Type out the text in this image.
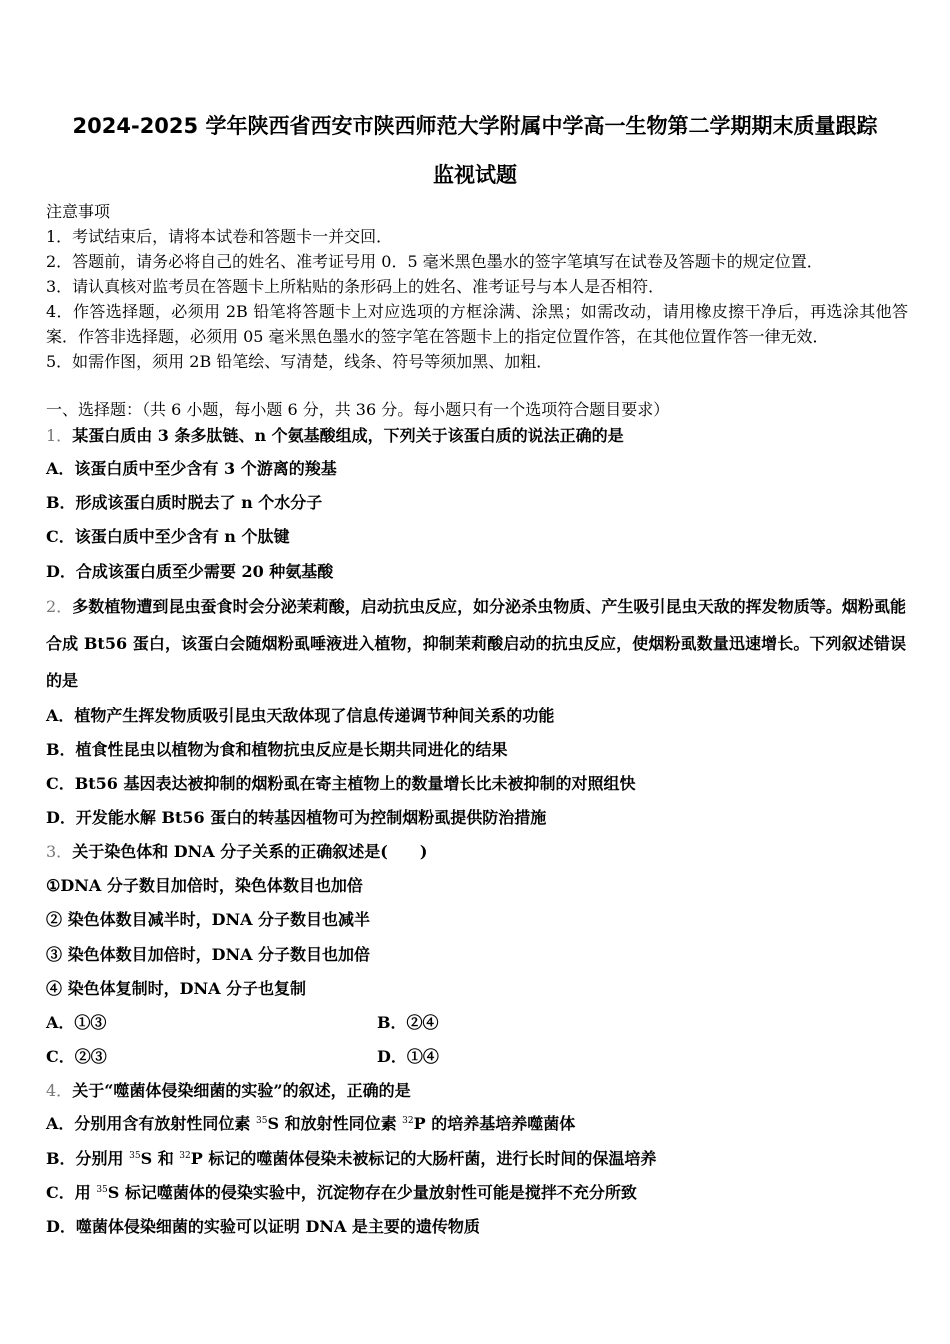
2024-2025 学年陕西省西安市陕西师范大学附属中学高一生物第二学期期末质量跟踪
监视试题

注意事项

1．考试结束后，请将本试卷和答题卡一并交回．

2．答题前，请务必将自己的姓名、准考证号用 0．5 毫米黑色墨水的签字笔填写在试卷及答题卡的规定位置．

3．请认真核对监考员在答题卡上所粘贴的条形码上的姓名、准考证号与本人是否相符．

4．作答选择题，必须用 2B 铅笔将答题卡上对应选项的方框涂满、涂黑；如需改动，请用橡皮擦干净后，再选涂其他答案．作答非选择题，必须用 05 毫米黑色墨水的签字笔在答题卡上的指定位置作答，在其他位置作答一律无效．

5．如需作图，须用 2B 铅笔绘、写清楚，线条、符号等须加黑、加粗．

一、选择题：（共 6 小题，每小题 6 分，共 36 分。每小题只有一个选项符合题目要求）
1．某蛋白质由 3 条多肽链、n 个氨基酸组成，下列关于该蛋白质的说法正确的是
A．该蛋白质中至少含有 3 个游离的羧基
B．形成该蛋白质时脱去了 n 个水分子
C．该蛋白质中至少含有 n 个肽键
D．合成该蛋白质至少需要 20 种氨基酸
2．多数植物遭到昆虫蚕食时会分泌茉莉酸，启动抗虫反应，如分泌杀虫物质、产生吸引昆虫天敌的挥发物质等。烟粉虱能合成 Bt56 蛋白，该蛋白会随烟粉虱唾液进入植物，抑制茉莉酸启动的抗虫反应，使烟粉虱数量迅速增长。下列叙述错误的是
A．植物产生挥发物质吸引昆虫天敌体现了信息传递调节种间关系的功能
B．植食性昆虫以植物为食和植物抗虫反应是长期共同进化的结果
C．Bt56 基因表达被抑制的烟粉虱在寄主植物上的数量增长比未被抑制的对照组快
D．开发能水解 Bt56 蛋白的转基因植物可为控制烟粉虱提供防治措施
3．关于染色体和 DNA 分子关系的正确叙述是(　　)
①DNA 分子数目加倍时，染色体数目也加倍
② 染色体数目减半时，DNA 分子数目也减半
③ 染色体数目加倍时，DNA 分子数目也加倍
④ 染色体复制时，DNA 分子也复制
A．①③	B．②④
C．②③	D．①④
4．关于“噬菌体侵染细菌的实验”的叙述，正确的是
A．分别用含有放射性同位素 $^{35}$S 和放射性同位素 $^{32}$P 的培养基培养噬菌体
B．分别用 $^{35}$S 和 $^{32}$P 标记的噬菌体侵染未被标记的大肠杆菌，进行长时间的保温培养
C．用 $^{35}$S 标记噬菌体的侵染实验中，沉淀物存在少量放射性可能是搅拌不充分所致
D．噬菌体侵染细菌的实验可以证明 DNA 是主要的遗传物质
